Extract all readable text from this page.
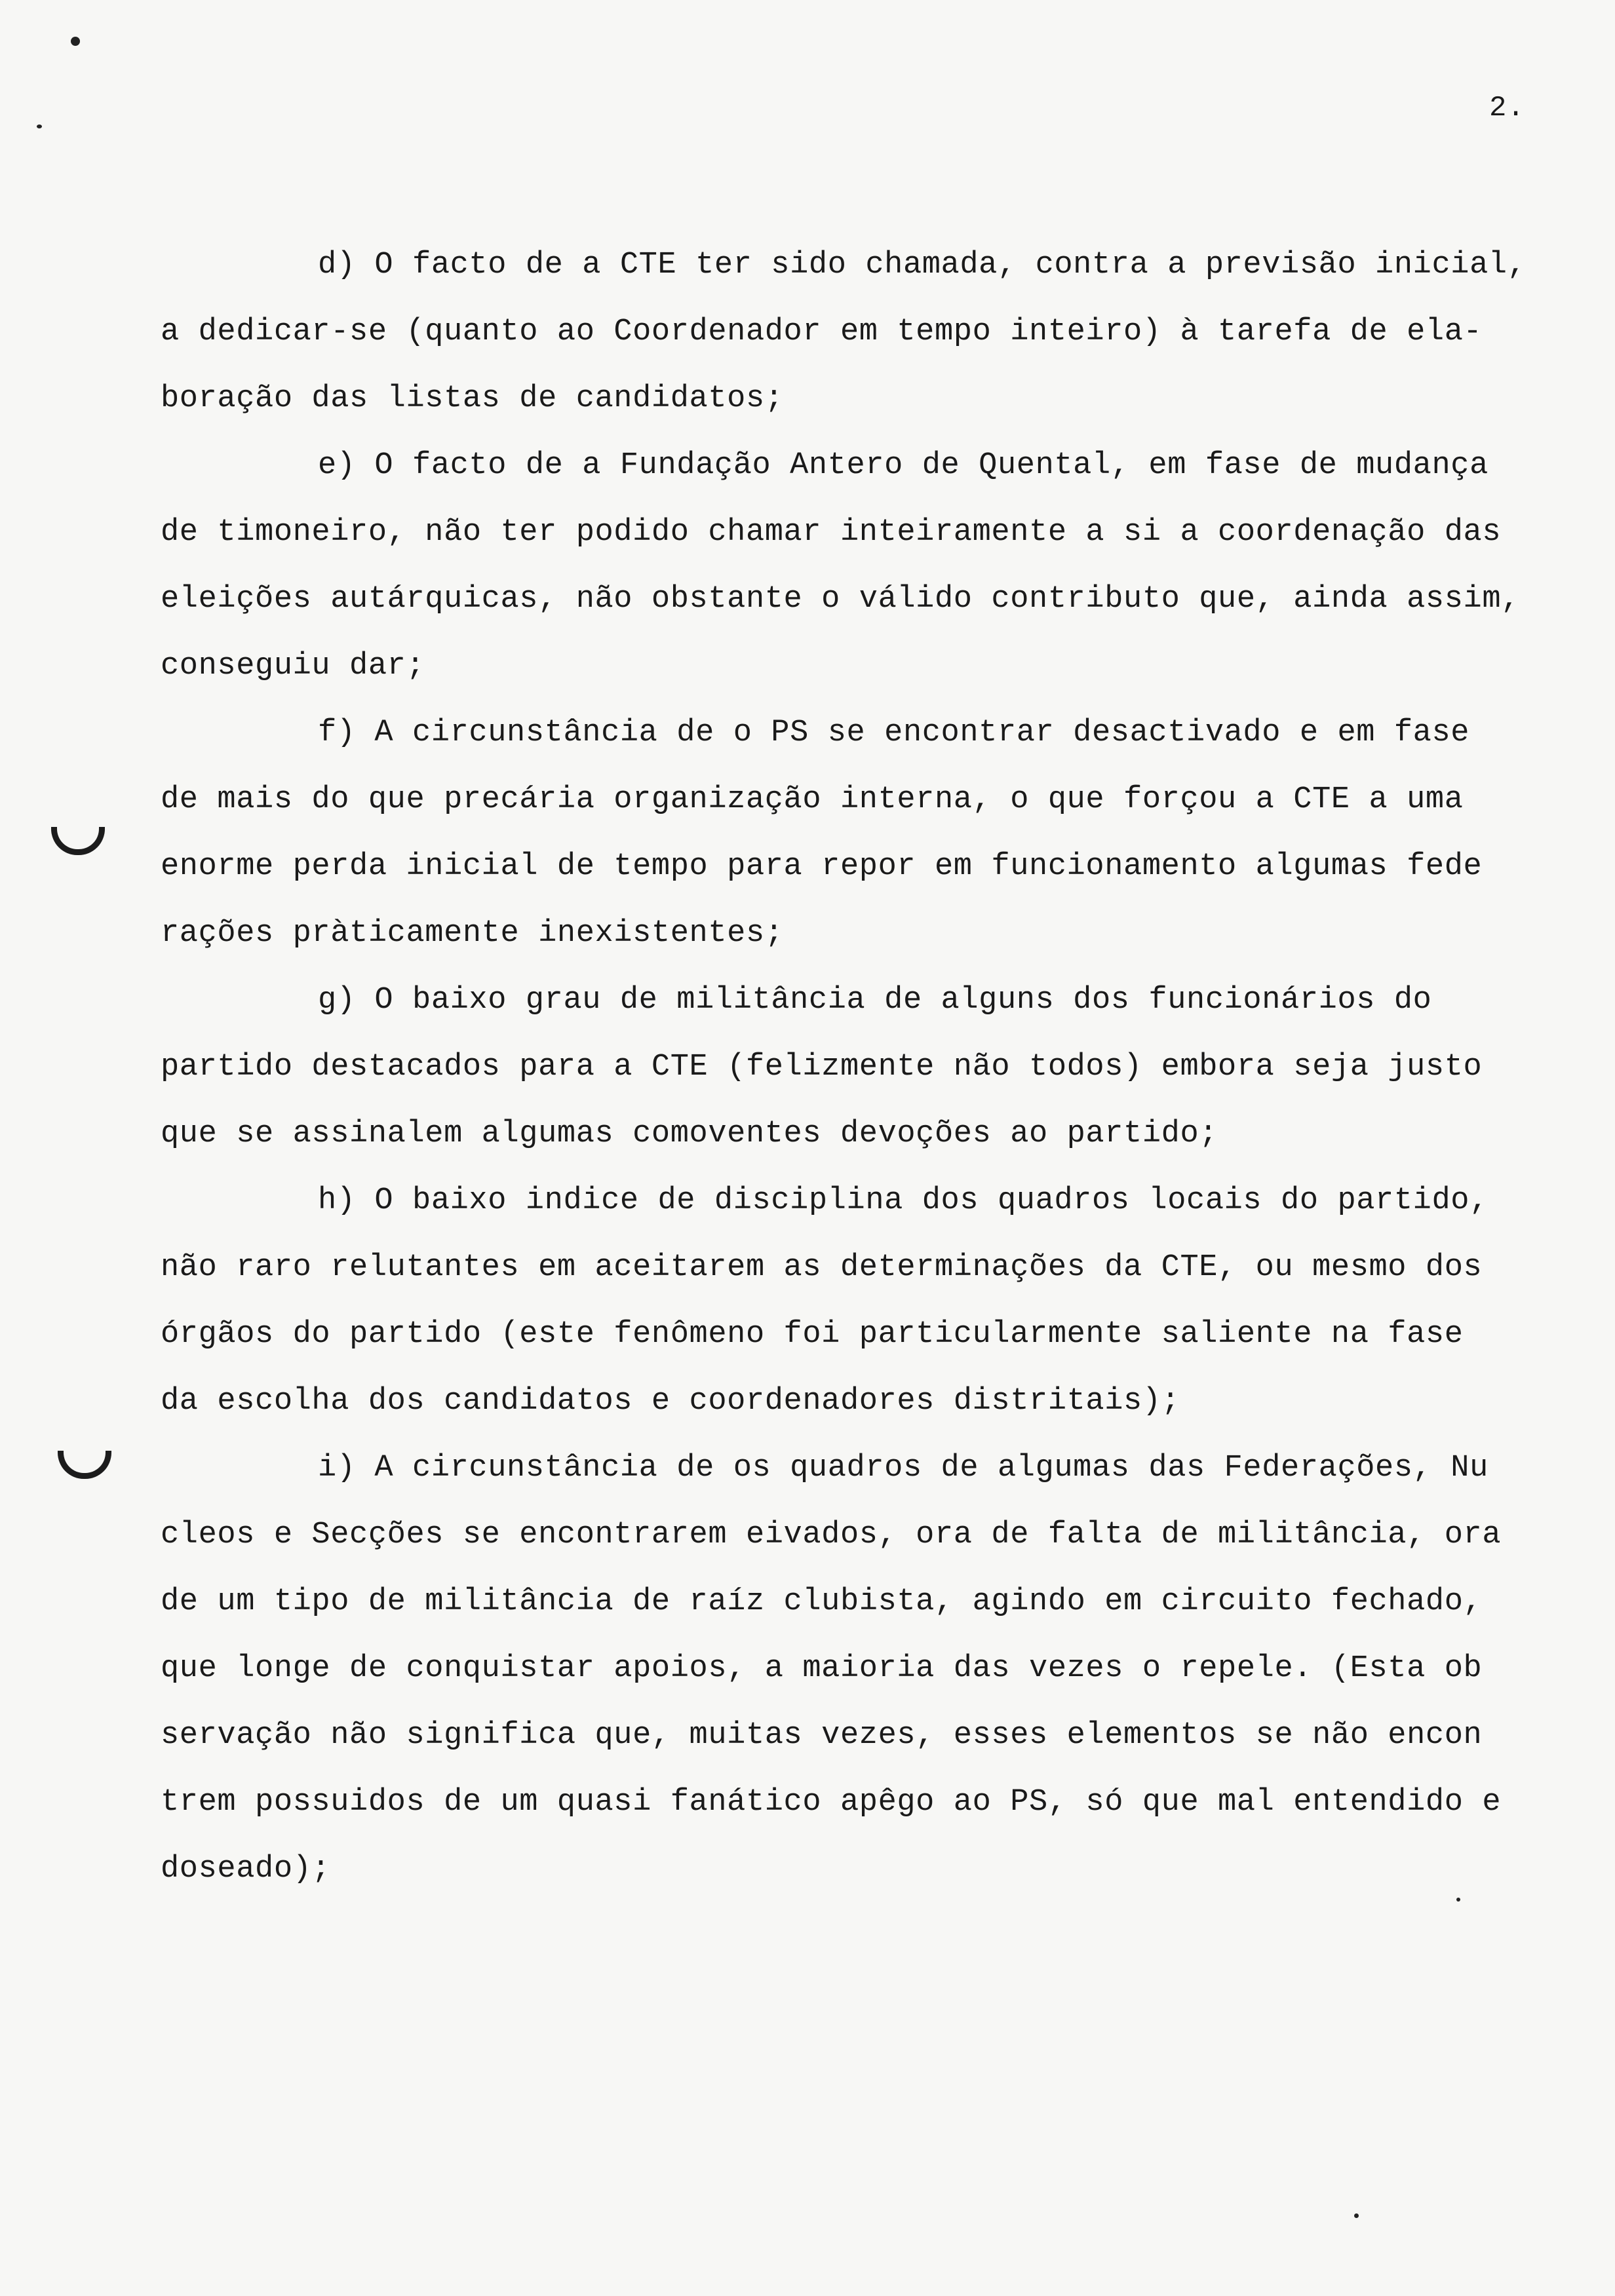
2.
d) O facto de a CTE ter sido chamada, contra a previsão inicial,
a dedicar-se (quanto ao Coordenador em tempo inteiro) à tarefa de ela-
boração das listas de candidatos;
e) O facto de a Fundação Antero de Quental, em fase de mudança
de timoneiro, não ter podido chamar inteiramente a si a coordenação das
eleições autárquicas, não obstante o válido contributo que, ainda assim,
conseguiu dar;
f) A circunstância de o PS se encontrar desactivado e em fase
de mais do que precária organização interna, o que forçou a CTE a uma
enorme perda inicial de tempo para repor em funcionamento algumas fede
rações pràticamente inexistentes;
g) O baixo grau de militância de alguns dos funcionários do
partido destacados para a CTE (felizmente não todos) embora seja justo
que se assinalem algumas comoventes devoções ao partido;
h) O baixo indice de disciplina dos quadros locais do partido,
não raro relutantes em aceitarem as determinações da CTE, ou mesmo dos
órgãos do partido (este fenômeno foi particularmente saliente na fase
da escolha dos candidatos e coordenadores distritais);
i) A circunstância de os quadros de algumas das Federações, Nu
cleos e Secções se encontrarem eivados, ora de falta de militância, ora
de um tipo de militância de raíz clubista, agindo em circuito fechado,
que longe de conquistar apoios, a maioria das vezes o repele. (Esta ob
servação não significa que, muitas vezes, esses elementos se não encon
trem possuidos de um quasi fanático apêgo ao PS, só que mal entendido e
doseado);
